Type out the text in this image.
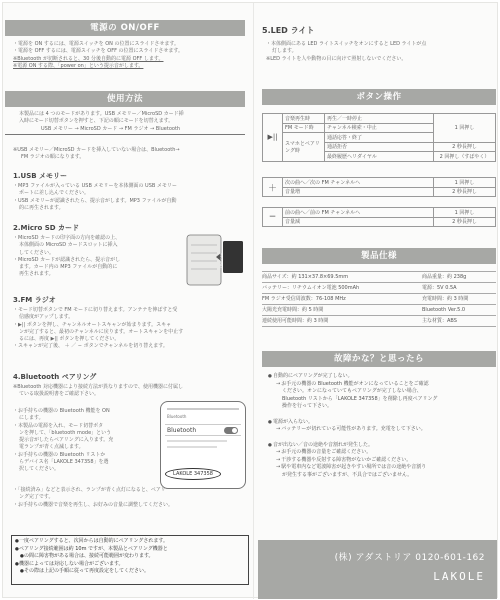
電源の ON/OFF
・電源を ON するには、電源スイッチを ON の位置にスライドさせます。
・電源を OFF するには、電源スイッチを OFF の位置にスライドさせます。
※Bluetooth が切断されると、30 分後自動的に電源 OFF します。
※電源 ON する際、「power on」という提示音がします。
使用方法
本製品には 4 つのモードがあります。USB メモリー／MicroSD カード挿
入時にモード切替ボタンを押すと、下記の順にモードを切替えます。
USB メモリー → MicroSD カード → FM ラジオ → Bluetooth
※USB メモリー／MicroSD カードを挿入していない場合は、Bluetooth→
FM ラジオの順になります。
1.USB メモリー
・ MP3 ファイルが入っている USB メモリーを本体側面の USB メモリー
ポートに差し込んでください。
・ USB メモリーが認識されたら、提示音がします。MP3 ファイルが自動
的に再生されます。
2.Micro SD カード
・ MicroSD カードの印字面の方向を確認の上、
本体側面の MicroSD カードスロットに挿入
してください。
・ MicroSD カードが認識されたら、提示音がし
ます。カード内の MP3 ファイルが自動的に
再生されます。
microSD
3.FM ラジオ
・ モード切替ボタンで FM モードに切り替えます。アンテナを伸ばすと受
信感度がアップします。
・ ▶|| ボタンを押し、チャンネルオートスキャンが始まります。スキャ
ンが完了すると、最初のチャンネルに戻ります。オートスキャンを中止す
るには、再度 ▶|| ボタンを押してください。
・ スキャンが完了後、 ＋ ／ − ボタンでチャンネルを切り替えます。
4.Bluetooth ペアリング
※Bluetooth 対応機器により接続方法が異なりますので、使用機器に付属し
ている取扱説明書をご確認下さい。
・ お手持ちの機器の Bluetooth 機能を ON
にします。
・ 本製品の電源を入れ、モード切替ボタ
ンを押して、「bluetooth mode」という
提示音がしたらペアリングに入ります。充
電ランプが青く点滅します。
・ お手持ちの機器の Bluetooth リストか
らデバイス名「LAKOLE 347358」を選
択してください。
Bluetooth
Bluetooth
LAKOLE 347358
・ 「接続済み」などと表示され、ランプが青く点灯になると、ペアリ
ング完了です。
・ お手持ちの機器で音楽を再生し、お好みの音量に調整してください。
● 一度ペアリングすると、次回からは自動的にペアリングされます。
● ペアリング接続範囲は約 10m ですが、本製品とペアリング機器と
● の間に障害物がある場合は、接続可能範囲が変わります。
● 機器によっては対応しない場合がございます。
● その際は上記の手順に従って再度設定をしてください。
5.LED ライト
・本体側面にある LED ライトスイッチをオンにすると LED ライトが点
灯します。
※LED ライトを人や動物の目に向けて照射しないでください。
ボタン操作
▶||	音楽再生時	再生／一時停止	1 回押し
	FM モード時	チャンネル検索・中止	
	スマホとペアリング時	通話応答・終了	
		通話拒否	2 秒長押し
		最終履歴へリダイヤル	2 回押し（すばやく）
＋	次の曲へ／次の FM チャンネルへ	1 回押し
	音量増	2 秒長押し
−	前の曲へ／前の FM チャンネルへ	1 回押し
	音量減	2 秒長押し
製品仕様
商品サイズ：約 131×37.8×69.5mm	商品重量：約 238g
バッテリー：リチウムイオン電池 500mAh	電源：5V 0.5A
FM ラジオ受信周波数：76-108 MHz	充電時間：約 3 時間
大陽光充電時間：約 5 時間	Bluetooth Ver.5.0
連続使用可能時間：約 3 時間	主な材質：ABS
故障かな？と思ったら
● 自動的にペアリングが完了しない。
→ お手元の機器の Bluetooth 機能がオンになっていることをご確認
ください。オンになっていてもペアリングが完了しない場合、
Bluetooth リストから「LAKOLE 347358」を削除し再度ペアリング
操作を行って下さい。
● 電源が入らない。
→ バッテリーが切れている可能性があります。充電をして下さい。
● 音が出ない／音の途絶や音割れが発生した。
→ お手元の機器の音量をご確認ください。
→ 干渉する機器や反射する障害物がないかご確認ください。
→ 駅や電車内など電波障害が起きやすい場所では音の途絶や音割り
が発生する事がございますが、不具合ではございません。
(株) アダストリア 0120-601-162
LAKOLE
